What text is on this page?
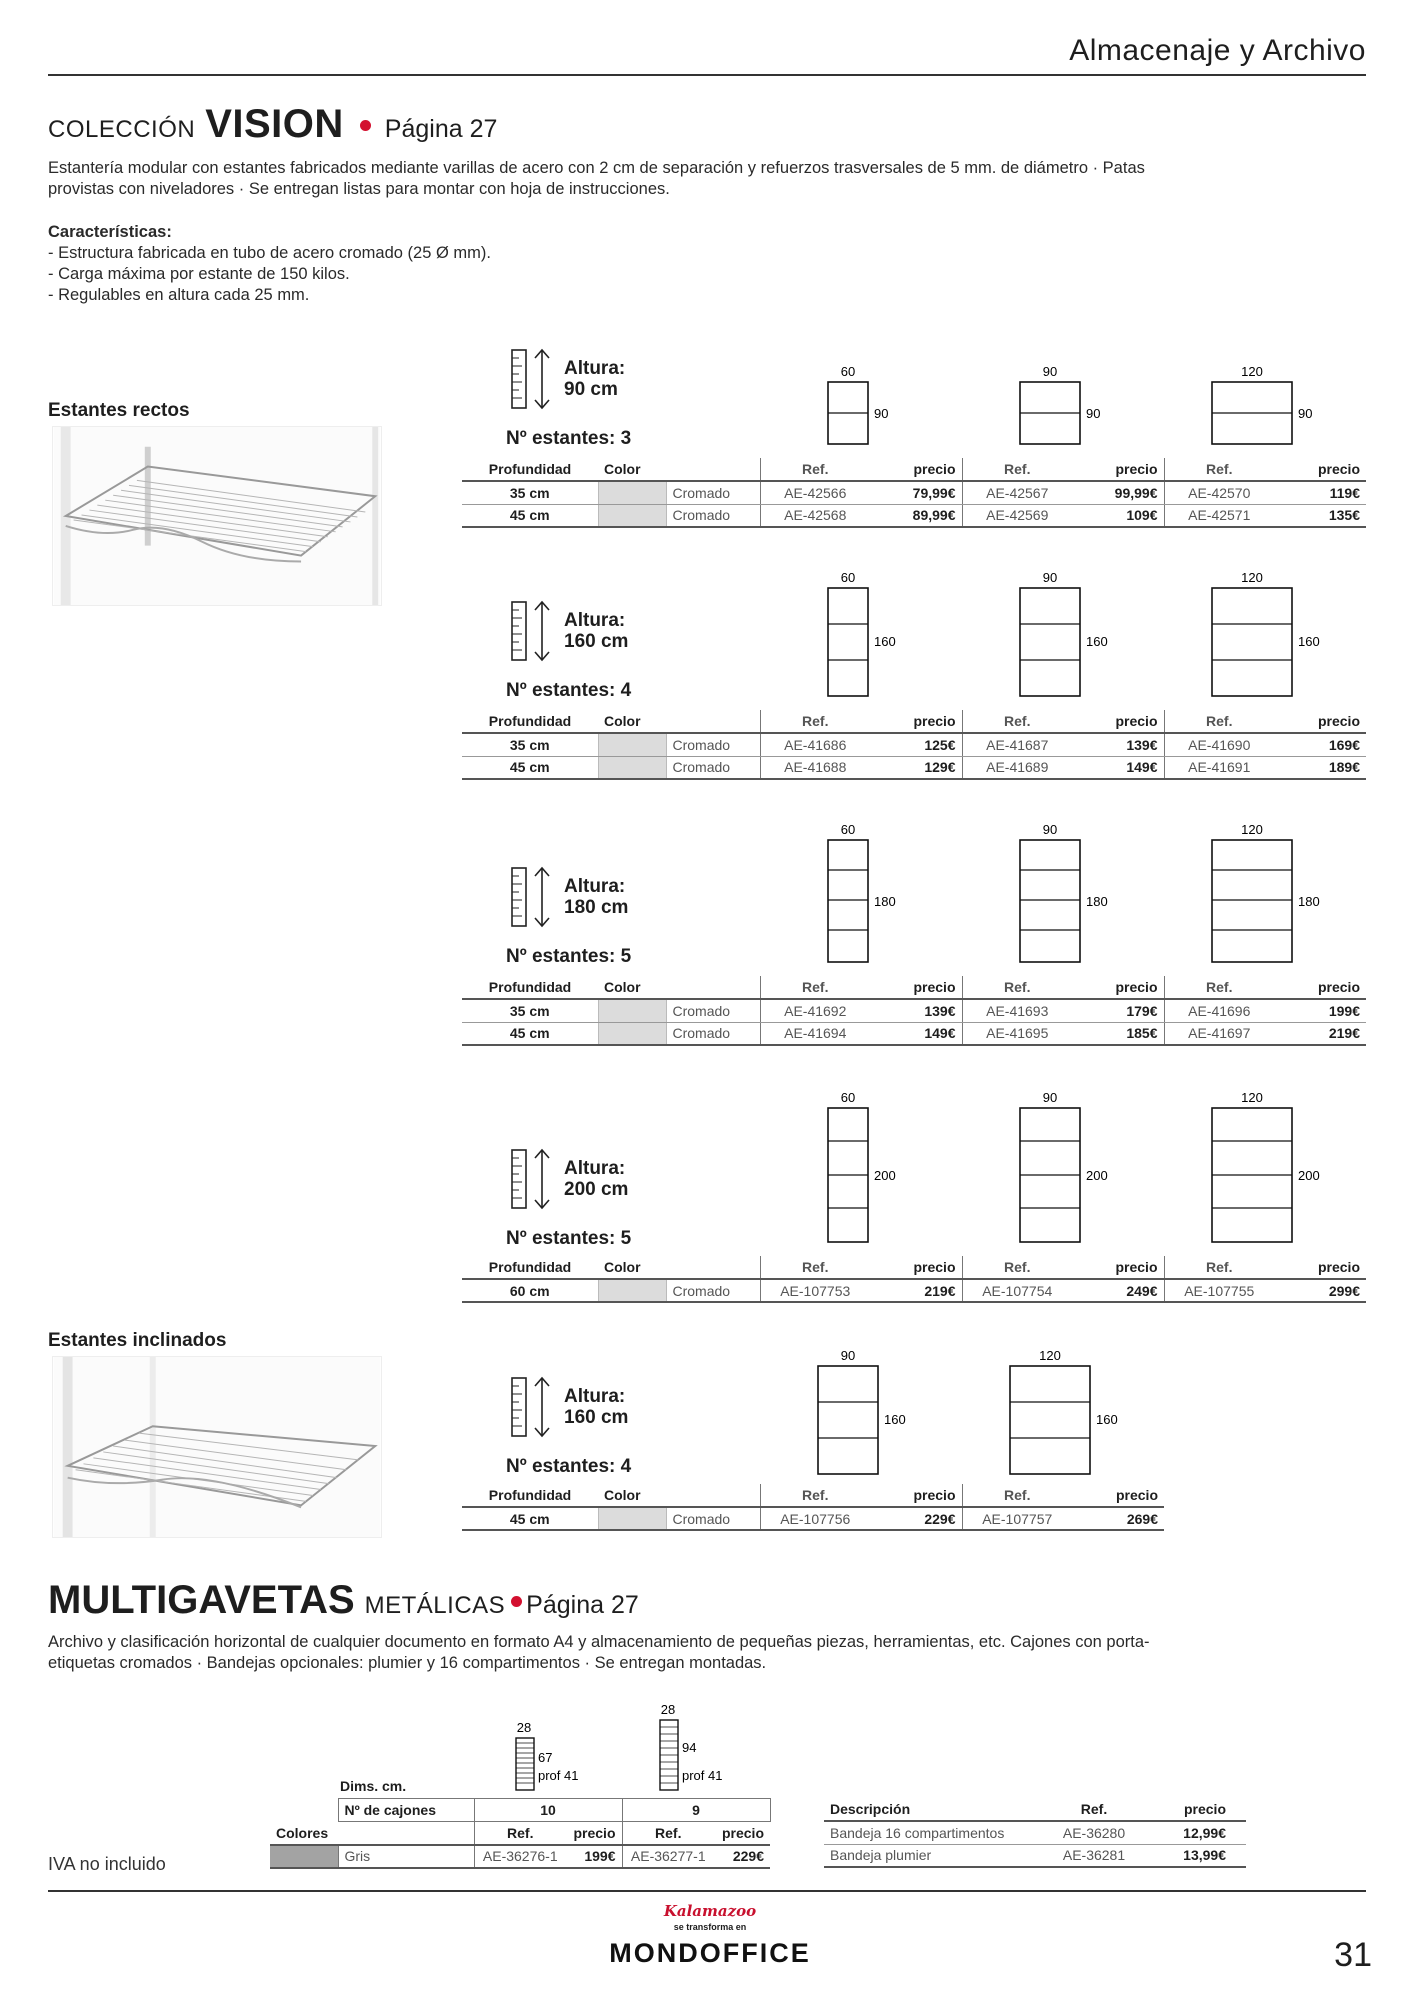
Almacenaje y Archivo
COLECCIÓN VISION Página 27
Estantería modular con estantes fabricados mediante varillas de acero con 2 cm de separación y refuerzos trasversales de 5 mm. de diámetro · Patas
provistas con niveladores · Se entregan listas para montar con hoja de instrucciones.
Características:
- Estructura fabricada en tubo de acero cromado (25 Ø mm).
- Carga máxima por estante de 150 kilos.
- Regulables en altura cada 25 mm.
Estantes rectos
Estantes inclinados
Altura:
90 cm
Nº estantes: 3
60
90
90
90
120
90
Profundidad	Color		Ref.	precio	Ref.	precio	Ref.	precio
35 cm		Cromado	AE-42566	79,99€	AE-42567	99,99€	AE-42570	119€
45 cm		Cromado	AE-42568	89,99€	AE-42569	109€	AE-42571	135€
Altura:
160 cm
Nº estantes: 4
60
160
90
160
120
160
Profundidad	Color		Ref.	precio	Ref.	precio	Ref.	precio
35 cm		Cromado	AE-41686	125€	AE-41687	139€	AE-41690	169€
45 cm		Cromado	AE-41688	129€	AE-41689	149€	AE-41691	189€
Altura:
180 cm
Nº estantes: 5
60
180
90
180
120
180
Profundidad	Color		Ref.	precio	Ref.	precio	Ref.	precio
35 cm		Cromado	AE-41692	139€	AE-41693	179€	AE-41696	199€
45 cm		Cromado	AE-41694	149€	AE-41695	185€	AE-41697	219€
Altura:
200 cm
Nº estantes: 5
60
200
90
200
120
200
Profundidad	Color		Ref.	precio	Ref.	precio	Ref.	precio
60 cm		Cromado	AE-107753	219€	AE-107754	249€	AE-107755	299€
Altura:
160 cm
Nº estantes: 4
90
160
120
160
Profundidad	Color		Ref.	precio	Ref.	precio
45 cm		Cromado	AE-107756	229€	AE-107757	269€
MULTIGAVETAS METÁLICAS Página 27
Archivo y clasificación horizontal de cualquier documento en formato A4 y almacenamiento de pequeñas piezas, herramientas, etc. Cajones con porta-
etiquetas cromados · Bandejas opcionales: plumier y 16 compartimentos · Se entregan montadas.
28
67
prof 41
28
94
prof 41
Dims. cm.
	Nº de cajones	10		9	
Colores		Ref.	precio	Ref.	precio
	Gris	AE-36276-1	199€	AE-36277-1	229€
Descripción	Ref.	precio
Bandeja 16 compartimentos	AE-36280	12,99€
Bandeja plumier	AE-36281	13,99€
IVA no incluido
Kalamazoo
se transforma en
MONDOFFICE	31
